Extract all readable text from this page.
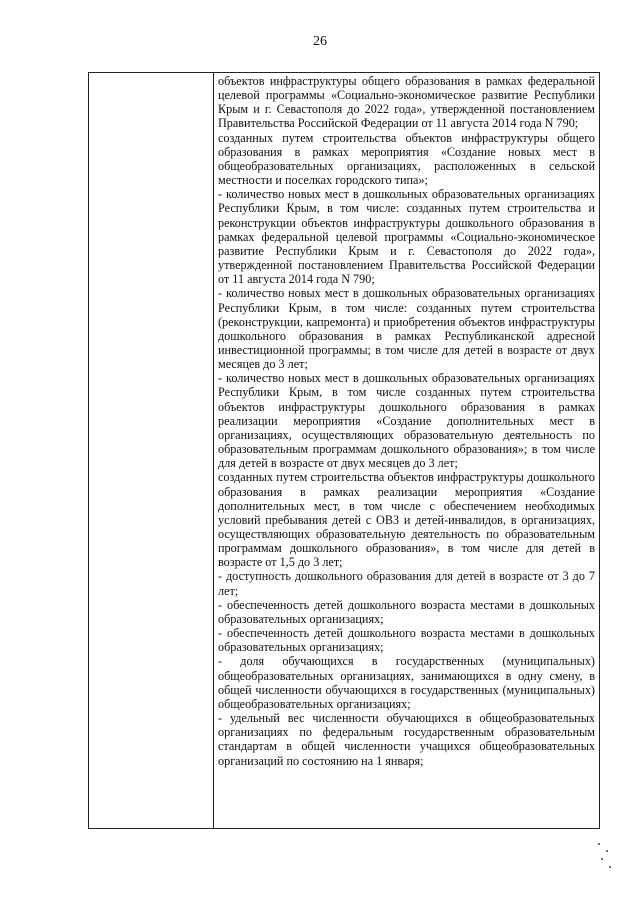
26

объектов инфраструктуры общего образования в рамках федеральной целевой программы «Социально-экономическое развитие Республики Крым и г. Севастополя до 2022 года», утвержденной постановлением Правительства Российской Федерации от 11 августа 2014 года N 790;

созданных путем строительства объектов инфраструктуры общего образования в рамках мероприятия «Создание новых мест в общеобразовательных организациях, расположенных в сельской местности и поселках городского типа»;

- количество новых мест в дошкольных образовательных организациях Республики Крым, в том числе: созданных путем строительства и реконструкции объектов инфраструктуры дошкольного образования в рамках федеральной целевой программы «Социально-экономическое развитие Республики Крым и г. Севастополя до 2022 года», утвержденной постановлением Правительства Российской Федерации от 11 августа 2014 года N 790;

- количество новых мест в дошкольных образовательных организациях Республики Крым, в том числе: созданных путем строительства (реконструкции, капремонта) и приобретения объектов инфраструктуры дошкольного образования в рамках Республиканской адресной инвестиционной программы; в том числе для детей в возрасте от двух месяцев до 3 лет;

- количество новых мест в дошкольных образовательных организациях Республики Крым, в том числе созданных путем строительства объектов инфраструктуры дошкольного образования в рамках реализации мероприятия «Создание дополнительных мест в организациях, осуществляющих образовательную деятельность по образовательным программам дошкольного образования»; в том числе для детей в возрасте от двух месяцев до 3 лет;

созданных путем строительства объектов инфраструктуры дошкольного образования в рамках реализации мероприятия «Создание дополнительных мест, в том числе с обеспечением необходимых условий пребывания детей с ОВЗ и детей-инвалидов, в организациях, осуществляющих образовательную деятельность по образовательным программам дошкольного образования», в том числе для детей в возрасте от 1,5 до 3 лет;

- доступность дошкольного образования для детей в возрасте от 3 до 7 лет;

- обеспеченность детей дошкольного возраста местами в дошкольных образовательных организациях;

- обеспеченность детей дошкольного возраста местами в дошкольных образовательных организациях;

- доля обучающихся в государственных (муниципальных) общеобразовательных организациях, занимающихся в одну смену, в общей численности обучающихся в государственных (муниципальных) общеобразовательных организациях;

- удельный вес численности обучающихся в общеобразовательных организациях по федеральным государственным образовательным стандартам в общей численности учащихся общеобразовательных организаций по состоянию на 1 января;
